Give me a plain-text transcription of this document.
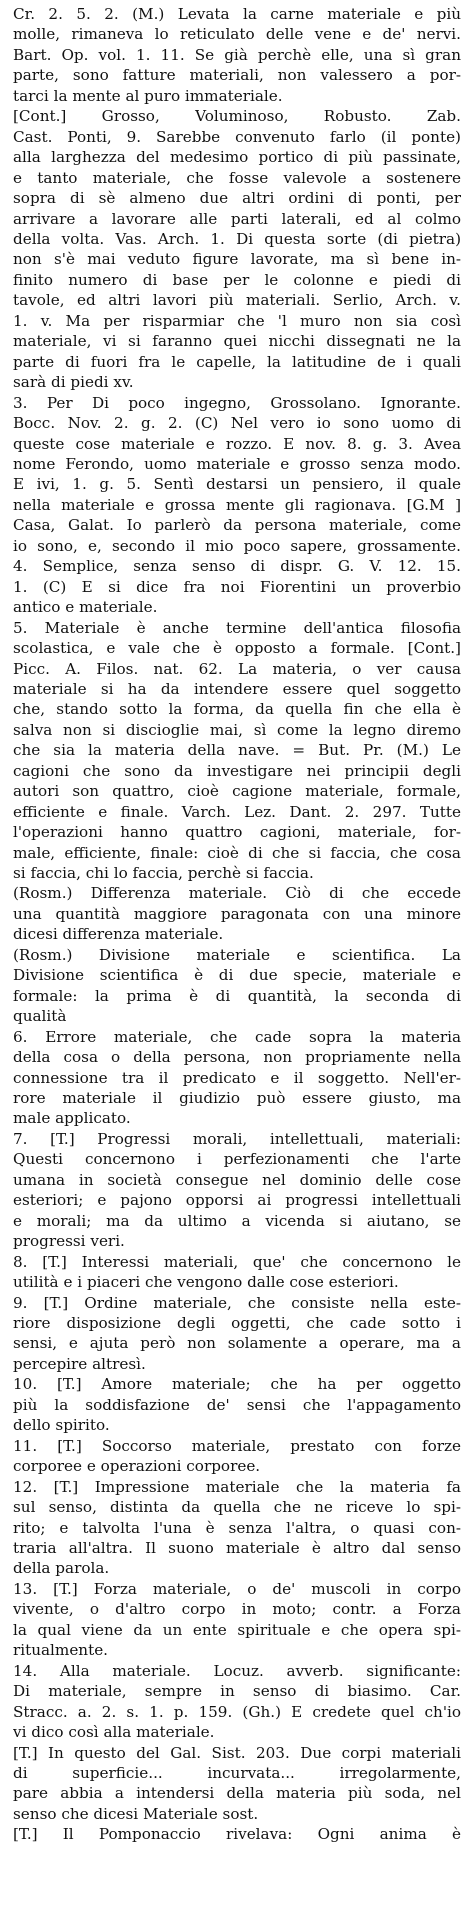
Cr. 2. 5. 2. (M.) Levata la carne materiale e più
molle, rimaneva lo reticulato delle vene e de' nervi.
Bart. Op. vol. 1. 11. Se già perchè elle, una sì gran
parte, sono fatture materiali, non valessero a por-
tarci la mente al puro immateriale.
[Cont.] Grosso, Voluminoso, Robusto. Zab.
Cast. Ponti, 9. Sarebbe convenuto farlo (il ponte)
alla larghezza del medesimo portico di più passinate,
e tanto materiale, che fosse valevole a sostenere
sopra di sè almeno due altri ordini di ponti, per
arrivare a lavorare alle parti laterali, ed al colmo
della volta. Vas. Arch. 1. Di questa sorte (di pietra)
non s'è mai veduto figure lavorate, ma sì bene in-
finito numero di base per le colonne e piedi di
tavole, ed altri lavori più materiali. Serlio, Arch. v.
1. v. Ma per risparmiar che 'l muro non sia così
materiale, vi si faranno quei nicchi dissegnati ne la
parte di fuori fra le capelle, la latitudine de i quali
sarà di piedi xv.
3. Per Di poco ingegno, Grossolano. Ignorante.
Bocc. Nov. 2. g. 2. (C) Nel vero io sono uomo di
queste cose materiale e rozzo. E nov. 8. g. 3. Avea
nome Ferondo, uomo materiale e grosso senza modo.
E ivi, 1. g. 5. Sentì destarsi un pensiero, il quale
nella materiale e grossa mente gli ragionava. [G.M ]
Casa, Galat. Io parlerò da persona materiale, come
io sono, e, secondo il mio poco sapere, grossamente.
4. Semplice, senza senso di dispr. G. V. 12. 15.
1. (C) E si dice fra noi Fiorentini un proverbio
antico e materiale.
5. Materiale è anche termine dell'antica filosofia
scolastica, e vale che è opposto a formale. [Cont.]
Picc. A. Filos. nat. 62. La materia, o ver causa
materiale si ha da intendere essere quel soggetto
che, stando sotto la forma, da quella fin che ella è
salva non si discioglie mai, sì come la legno diremo
che sia la materia della nave. = But. Pr. (M.) Le
cagioni che sono da investigare nei principii degli
autori son quattro, cioè cagione materiale, formale,
efficiente e finale. Varch. Lez. Dant. 2. 297. Tutte
l'operazioni hanno quattro cagioni, materiale, for-
male, efficiente, finale: cioè di che si faccia, che cosa
si faccia, chi lo faccia, perchè si faccia.
(Rosm.) Differenza materiale. Ciò di che eccede
una quantità maggiore paragonata con una minore
dicesi differenza materiale.
(Rosm.) Divisione materiale e scientifica. La
Divisione scientifica è di due specie, materiale e
formale: la prima è di quantità, la seconda di
qualità
6. Errore materiale, che cade sopra la materia
della cosa o della persona, non propriamente nella
connessione tra il predicato e il soggetto. Nell'er-
rore materiale il giudizio può essere giusto, ma
male applicato.
7. [T.] Progressi morali, intellettuali, materiali:
Questi concernono i perfezionamenti che l'arte
umana in società consegue nel dominio delle cose
esteriori; e pajono opporsi ai progressi intellettuali
e morali; ma da ultimo a vicenda si aiutano, se
progressi veri.
8. [T.] Interessi materiali, que' che concernono le
utilità e i piaceri che vengono dalle cose esteriori.
9. [T.] Ordine materiale, che consiste nella este-
riore disposizione degli oggetti, che cade sotto i
sensi, e ajuta però non solamente a operare, ma a
percepire altresì.
10. [T.] Amore materiale; che ha per oggetto
più la soddisfazione de' sensi che l'appagamento
dello spirito.
11. [T.] Soccorso materiale, prestato con forze
corporee e operazioni corporee.
12. [T.] Impressione materiale che la materia fa
sul senso, distinta da quella che ne riceve lo spi-
rito; e talvolta l'una è senza l'altra, o quasi con-
traria all'altra. Il suono materiale è altro dal senso
della parola.
13. [T.] Forza materiale, o de' muscoli in corpo
vivente, o d'altro corpo in moto; contr. a Forza
la qual viene da un ente spirituale e che opera spi-
ritualmente.
14. Alla materiale. Locuz. avverb. significante:
Di materiale, sempre in senso di biasimo. Car.
Stracc. a. 2. s. 1. p. 159. (Gh.) E credete quel ch'io
vi dico così alla materiale.
[T.] In questo del Gal. Sist. 203. Due corpi materiali
di superficie... incurvata... irregolarmente,
pare abbia a intendersi della materia più soda, nel
senso che dicesi Materiale sost.
[T.] Il Pomponaccio rivelava: Ogni anima è
